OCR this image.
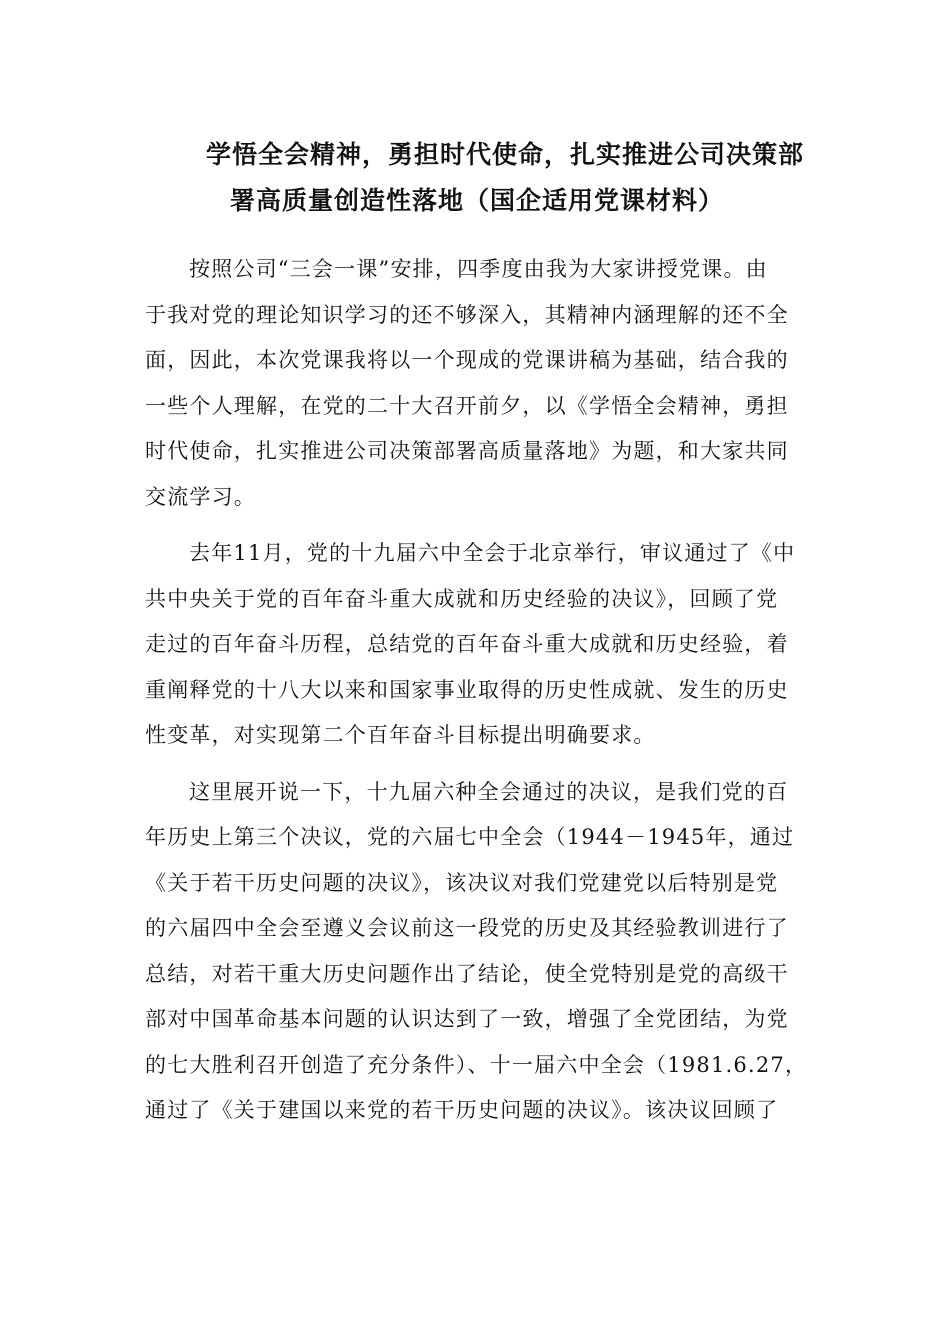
学悟全会精神，勇担时代使命，扎实推进公司决策部
署高质量创造性落地（国企适用党课材料）

按照公司“三会一课”安排，四季度由我为大家讲授党课。由
于我对党的理论知识学习的还不够深入，其精神内涵理解的还不全
面，因此，本次党课我将以一个现成的党课讲稿为基础，结合我的
一些个人理解，在党的二十大召开前夕，以《学悟全会精神，勇担
时代使命，扎实推进公司决策部署高质量落地》为题，和大家共同
交流学习。

去年11月，党的十九届六中全会于北京举行，审议通过了《中
共中央关于党的百年奋斗重大成就和历史经验的决议》，回顾了党
走过的百年奋斗历程，总结党的百年奋斗重大成就和历史经验，着
重阐释党的十八大以来和国家事业取得的历史性成就、发生的历史
性变革，对实现第二个百年奋斗目标提出明确要求。

这里展开说一下，十九届六种全会通过的决议，是我们党的百
年历史上第三个决议，党的六届七中全会（1944－1945年，通过
《关于若干历史问题的决议》，该决议对我们党建党以后特别是党
的六届四中全会至遵义会议前这一段党的历史及其经验教训进行了
总结，对若干重大历史问题作出了结论，使全党特别是党的高级干
部对中国革命基本问题的认识达到了一致，增强了全党团结，为党
的七大胜利召开创造了充分条件）、十一届六中全会（1981.6.27，
通过了《关于建国以来党的若干历史问题的决议》。该决议回顾了
